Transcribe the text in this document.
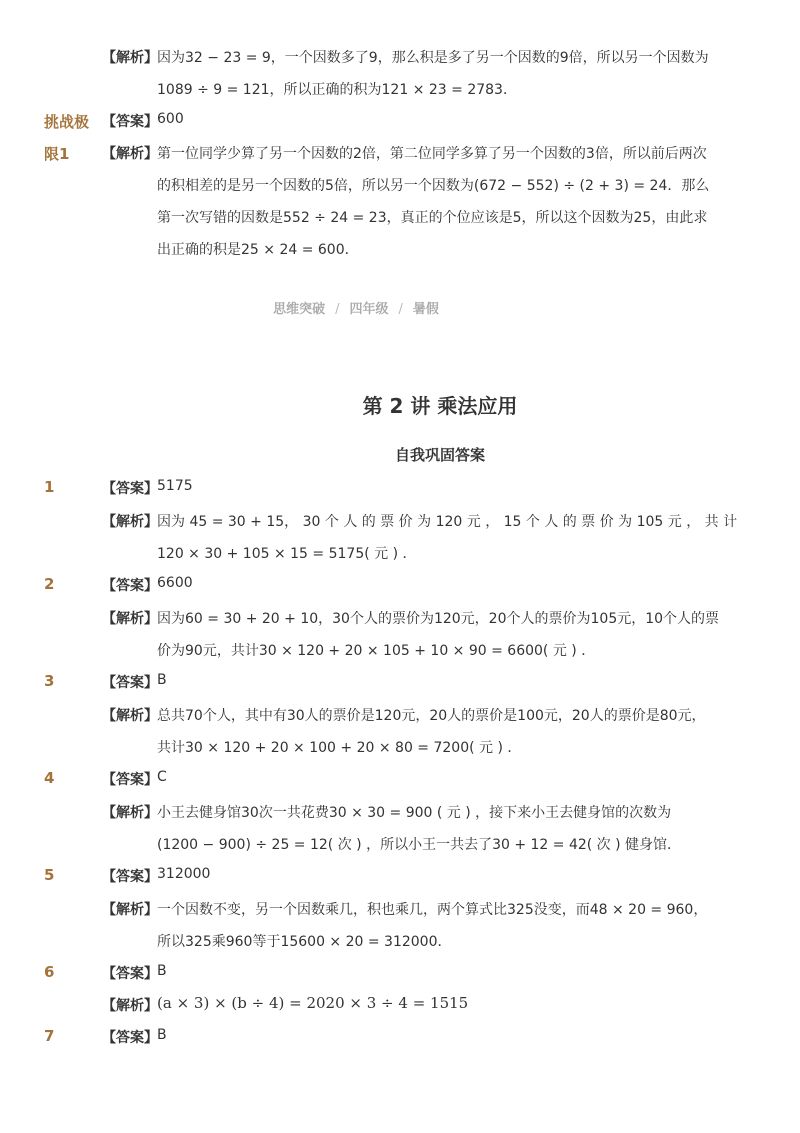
【解析】 因为32 − 23 = 9，一个因数多了9，那么积是多了另一个因数的9倍，所以另一个因数为
1089 ÷ 9 = 121，所以正确的积为121 × 23 = 2783．
挑战极 【答案】 600
限1 【解析】 第一位同学少算了另一个因数的2倍，第二位同学多算了另一个因数的3倍，所以前后两次
的积相差的是另一个因数的5倍，所以另一个因数为(672 − 552) ÷ (2 + 3) = 24．那么
第一次写错的因数是552 ÷ 24 = 23，真正的个位应该是5，所以这个因数为25，由此求
出正确的积是25 × 24 = 600．
思维突破 / 四年级 / 暑假
第 2 讲 乘法应用
自我巩固答案
1	【答案】 5175
【解析】 因为 45 = 30 + 15， 30 个 人 的 票 价 为 120 元 ， 15 个 人 的 票 价 为 105 元 ， 共 计
120 × 30 + 105 × 15 = 5175( 元 ) ．
2	【答案】 6600
【解析】 因为60 = 30 + 20 + 10，30个人的票价为120元，20个人的票价为105元，10个人的票
价为90元，共计30 × 120 + 20 × 105 + 10 × 90 = 6600( 元 ) ．
3	【答案】 B
【解析】 总共70个人，其中有30人的票价是120元，20人的票价是100元，20人的票价是80元，
共计30 × 120 + 20 × 100 + 20 × 80 = 7200( 元 ) ．
4	【答案】 C
【解析】 小王去健身馆30次一共花费30 × 30 = 900 ( 元 ) ，接下来小王去健身馆的次数为
(1200 − 900) ÷ 25 = 12( 次 ) ，所以小王一共去了30 + 12 = 42( 次 ) 健身馆．
5	【答案】 312000
【解析】 一个因数不变，另一个因数乘几，积也乘几，两个算式比325没变，而48 × 20 = 960，
所以325乘960等于15600 × 20 = 312000．
6	【答案】 B
【解析】 (a × 3) × (b ÷ 4) = 2020 × 3 ÷ 4 = 1515
7	【答案】 B
